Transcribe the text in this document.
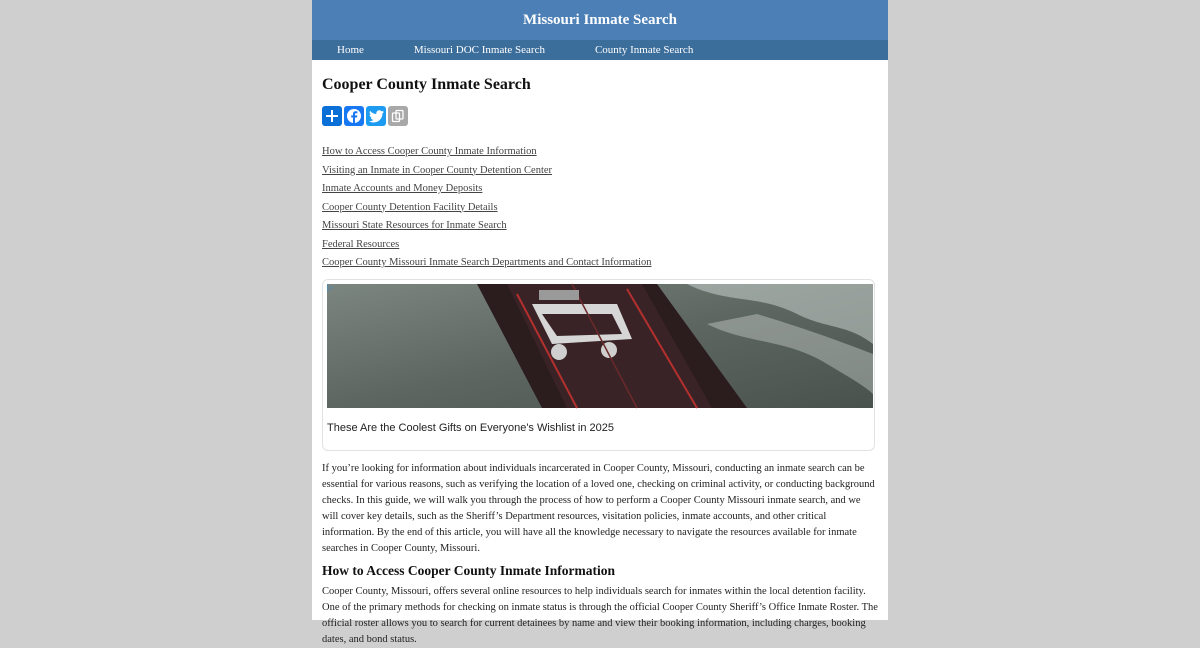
Missouri Inmate Search
Home	Missouri DOC Inmate Search	County Inmate Search
Cooper County Inmate Search
How to Access Cooper County Inmate Information
Visiting an Inmate in Cooper County Detention Center
Inmate Accounts and Money Deposits
Cooper County Detention Facility Details
Missouri State Resources for Inmate Search
Federal Resources
Cooper County Missouri Inmate Search Departments and Contact Information
▷
These Are the Coolest Gifts on Everyone's Wishlist in 2025

If you’re looking for information about individuals incarcerated in Cooper County, Missouri, conducting an inmate search can be essential for various reasons, such as verifying the location of a loved one, checking on criminal activity, or conducting background checks. In this guide, we will walk you through the process of how to perform a Cooper County Missouri inmate search, and we will cover key details, such as the Sheriff’s Department resources, visitation policies, inmate accounts, and other critical information. By the end of this article, you will have all the knowledge necessary to navigate the resources available for inmate searches in Cooper County, Missouri.

How to Access Cooper County Inmate Information

Cooper County, Missouri, offers several online resources to help individuals search for inmates within the local detention facility. One of the primary methods for checking on inmate status is through the official Cooper County Sheriff’s Office Inmate Roster. The official roster allows you to search for current detainees by name and view their booking information, including charges, booking dates, and bond status.
